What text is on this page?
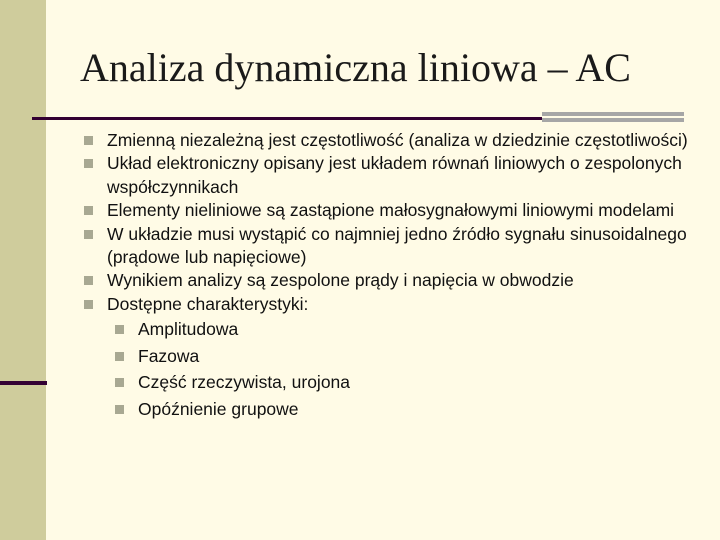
Analiza dynamiczna liniowa – AC
Zmienną niezależną jest częstotliwość (analiza w dziedzinie częstotliwości)
Układ elektroniczny opisany jest układem równań liniowych o zespolonych współczynnikach
Elementy nieliniowe są zastąpione małosygnałowymi liniowymi modelami
W układzie musi wystąpić co najmniej jedno źródło sygnału sinusoidalnego (prądowe lub napięciowe)
Wynikiem analizy są zespolone prądy i napięcia w obwodzie
Dostępne charakterystyki:
Amplitudowa
Fazowa
Część rzeczywista, urojona
Opóźnienie grupowe
